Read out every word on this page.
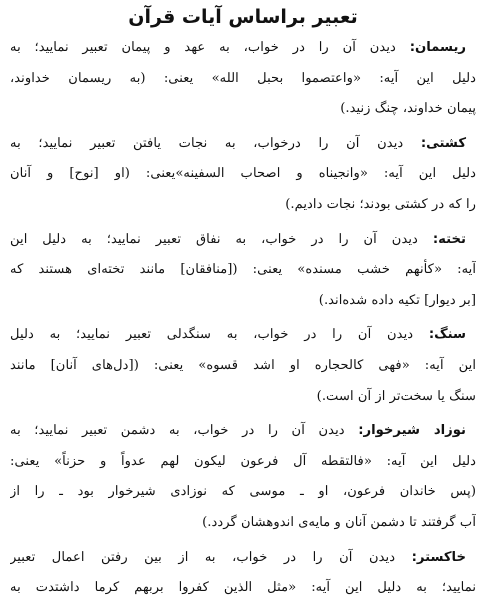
تعبیر براساس آیات قرآن
ریسمان: دیدن آن را در خواب، به عهد و پیمان تعبیر نمایید؛ به
دلیل این آیه: «واعتصموا بحبل الله» یعنی: (به ریسمان خداوند،
پیمان خداوند، چنگ زنید.)
کشتی: دیدن آن را درخواب، به نجات یافتن تعبیر نمایید؛ به
دلیل این آیه: «وانجیناه و اصحاب السفینه»یعنی: (او [نوح] و آنان
را که در کشتی بودند؛ نجات دادیم.)
تخته: دیدن آن را در خواب، به نفاق تعبیر نمایید؛ به دلیل این
آیه: «کأنهم خشب مسنده» یعنی: ([منافقان] مانند تخته‌ای هستند که
[بر دیوار] تکیه داده شده‌اند.)
سنگ: دیدن آن را در خواب، به سنگدلی تعبیر نمایید؛ به دلیل
این آیه: «فهی کالحجاره او اشد قسوه» یعنی: ([دل‌های آنان] مانند
سنگ یا سخت‌تر از آن است.)
نوزاد شیرخوار: دیدن آن را در خواب، به دشمن تعبیر نمایید؛ به
دلیل این آیه: «فالتقطه آل فرعون لیکون لهم عدواً و حزناً» یعنی:
(پس خاندان فرعون، او ـ موسی که نوزادی شیرخوار بود ـ را از
آب گرفتند تا دشمن آنان و مایه‌ی اندوهشان گردد.)
خاکستر: دیدن آن را در خواب، به از بین رفتن اعمال تعبیر
نمایید؛ به دلیل این آیه: «مثل الذین کفروا بربهم کرما داشتدت به
